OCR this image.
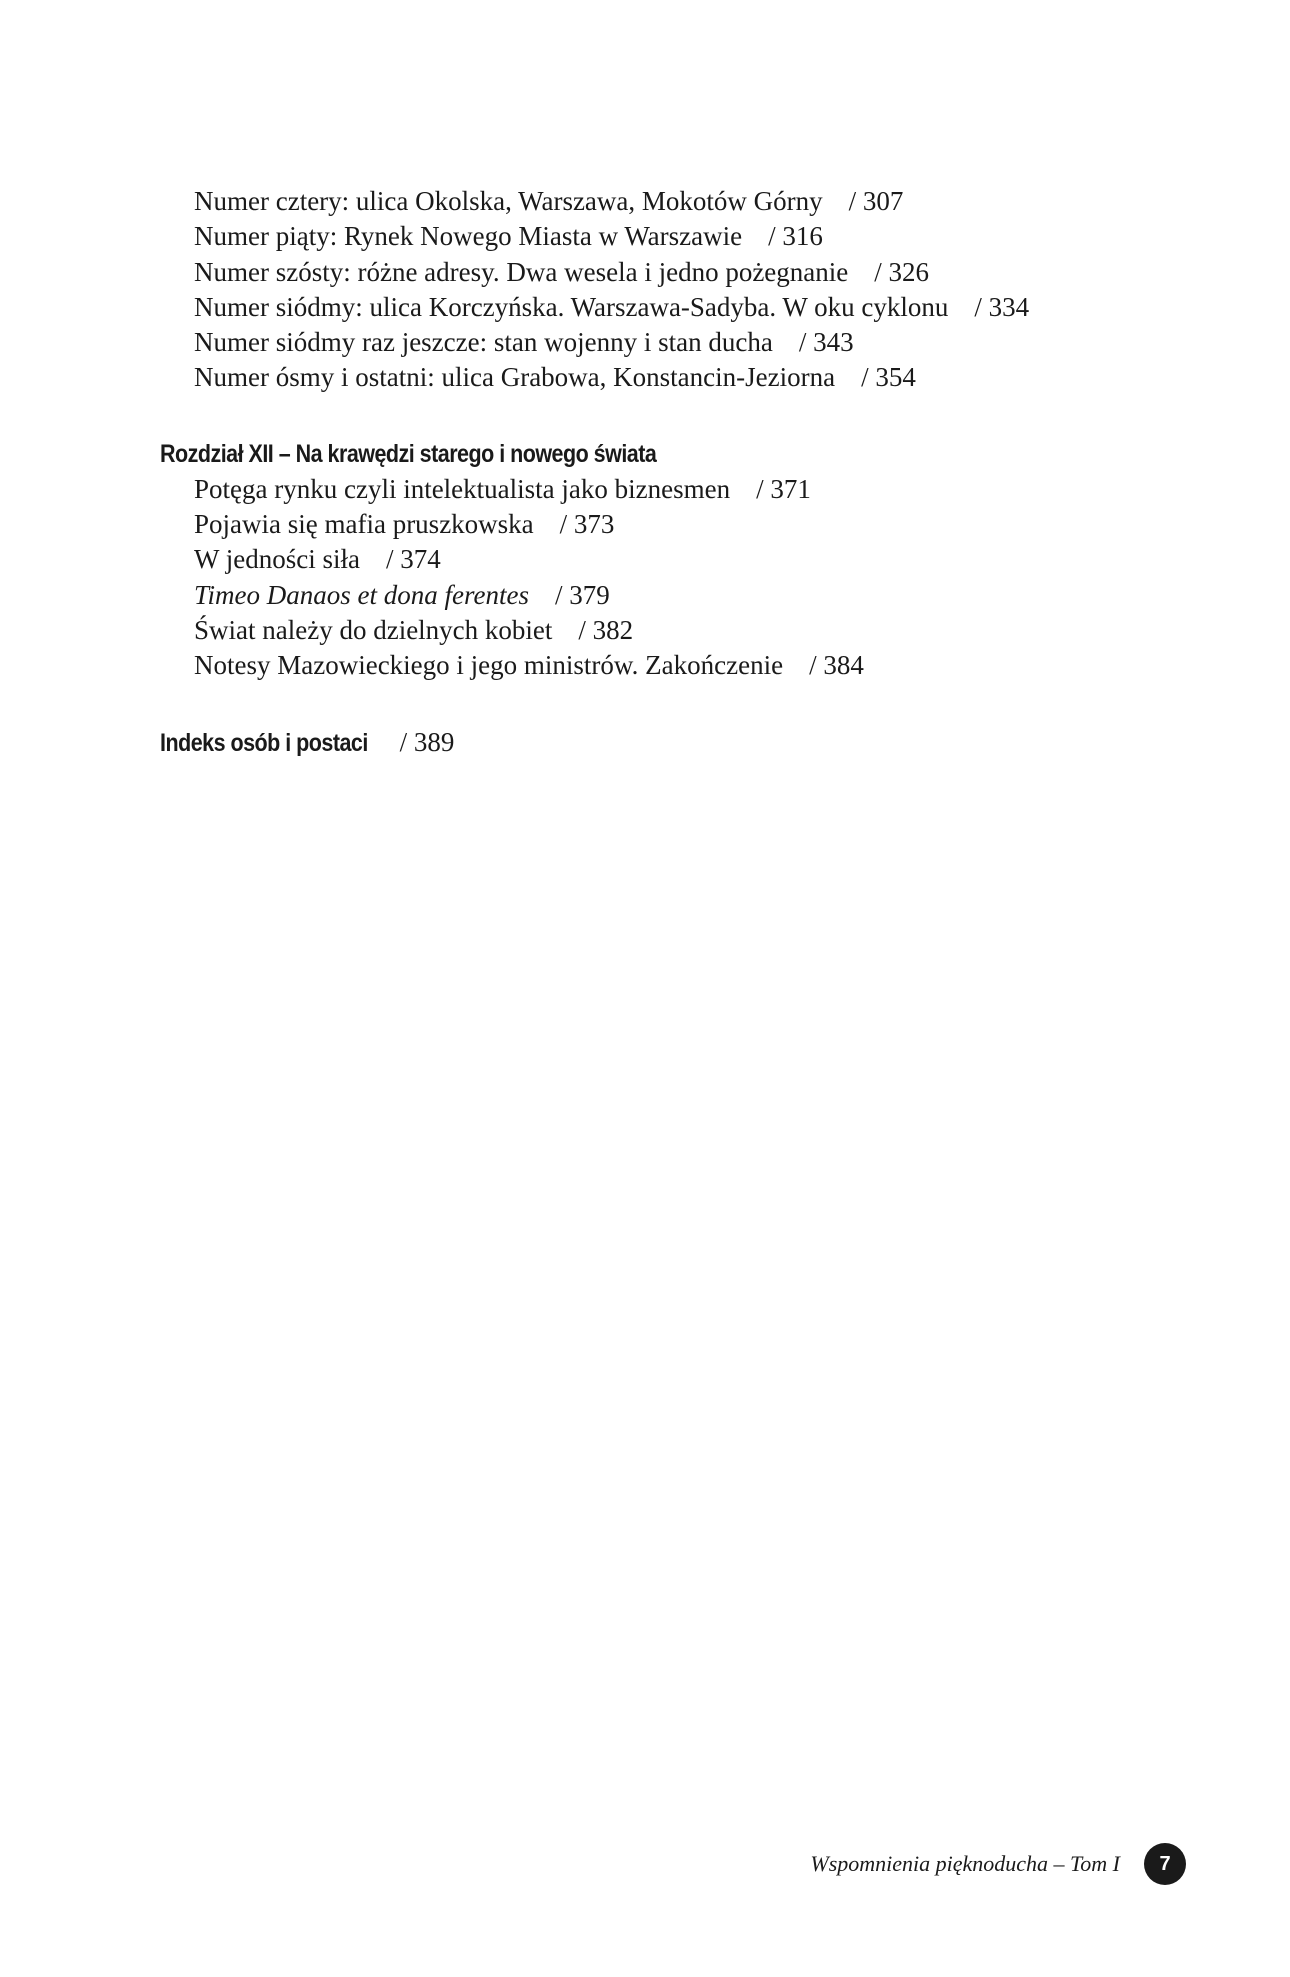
Numer cztery: ulica Okolska, Warszawa, Mokotów Górny / 307
Numer piąty: Rynek Nowego Miasta w Warszawie / 316
Numer szósty: różne adresy. Dwa wesela i jedno pożegnanie / 326
Numer siódmy: ulica Korczyńska. Warszawa-Sadyba. W oku cyklonu / 334
Numer siódmy raz jeszcze: stan wojenny i stan ducha / 343
Numer ósmy i ostatni: ulica Grabowa, Konstancin-Jeziorna / 354
Rozdział XII – Na krawędzi starego i nowego świata
Potęga rynku czyli intelektualista jako biznesmen / 371
Pojawia się mafia pruszkowska / 373
W jedności siła / 374
Timeo Danaos et dona ferentes / 379
Świat należy do dzielnych kobiet / 382
Notesy Mazowieckiego i jego ministrów. Zakończenie / 384
Indeks osób i postaci / 389
Wspomnienia pięknoducha – Tom I	7
